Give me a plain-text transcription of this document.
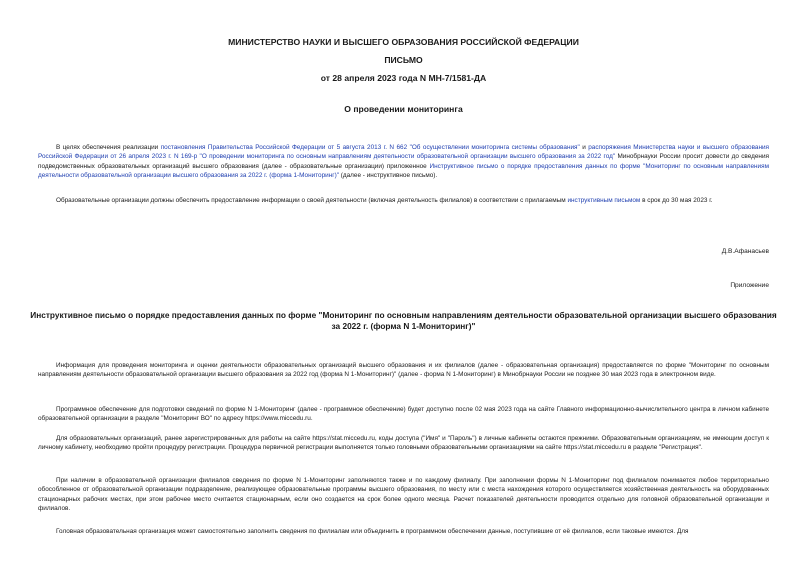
МИНИСТЕРСТВО НАУКИ И ВЫСШЕГО ОБРАЗОВАНИЯ РОССИЙСКОЙ ФЕДЕРАЦИИ
ПИСЬМО
от 28 апреля 2023 года N МН-7/1581-ДА
О проведении мониторинга
В целях обеспечения реализации постановления Правительства Российской Федерации от 5 августа 2013 г. N 662 "Об осуществлении мониторинга системы образования" и распоряжения Министерства науки и высшего образования Российской Федерации от 26 апреля 2023 г. N 169-р "О проведении мониторинга по основным направлениям деятельности образовательной организации высшего образования за 2022 год" Минобрнауки России просит довести до сведения подведомственных образовательных организаций высшего образования (далее - образовательные организации) приложенное Инструктивное письмо о порядке предоставления данных по форме "Мониторинг по основным направлениям деятельности образовательной организации высшего образования за 2022 г. (форма 1-Мониторинг)" (далее - инструктивное письмо).
Образовательные организации должны обеспечить предоставление информации о своей деятельности (включая деятельность филиалов) в соответствии с прилагаемым инструктивным письмом в срок до 30 мая 2023 г.
Д.В.Афанасьев
Приложение
Инструктивное письмо о порядке предоставления данных по форме "Мониторинг по основным направлениям деятельности образовательной организации высшего образования за 2022 г. (форма N 1-Мониторинг)"
Информация для проведения мониторинга и оценки деятельности образовательных организаций высшего образования и их филиалов (далее - образовательная организация) предоставляется по форме "Мониторинг по основным направлениям деятельности образовательной организации высшего образования за 2022 год (форма N 1-Мониторинг)" (далее - форма N 1-Мониторинг) в Минобрнауки России не позднее 30 мая 2023 года в электронном виде.
Программное обеспечение для подготовки сведений по форме N 1-Мониторинг (далее - программное обеспечение) будет доступно после 02 мая 2023 года на сайте Главного информационно-вычислительного центра в личном кабинете образовательной организации в разделе "Мониторинг ВО" по адресу https://www.miccedu.ru.
Для образовательных организаций, ранее зарегистрированных для работы на сайте https://stat.miccedu.ru, коды доступа ("Имя" и "Пароль") в личные кабинеты остаются прежними. Образовательным организациям, не имеющим доступ к личному кабинету, необходимо пройти процедуру регистрации. Процедура первичной регистрации выполняется только головными образовательными организациями на сайте https://stat.miccedu.ru в разделе "Регистрация".
При наличии в образовательной организации филиалов сведения по форме N 1-Мониторинг заполняются также и по каждому филиалу. При заполнении формы N 1-Мониторинг под филиалом понимается любое территориально обособленное от образовательной организации подразделение, реализующее образовательные программы высшего образования, по месту или с места нахождения которого осуществляется хозяйственная деятельность на оборудованных стационарных рабочих местах, при этом рабочее место считается стационарным, если оно создается на срок более одного месяца. Расчет показателей деятельности проводится отдельно для головной образовательной организации и филиалов.
Головная образовательная организация может самостоятельно заполнить сведения по филиалам или объединить в программном обеспечении данные, поступившие от её филиалов, если таковые имеются. Для
